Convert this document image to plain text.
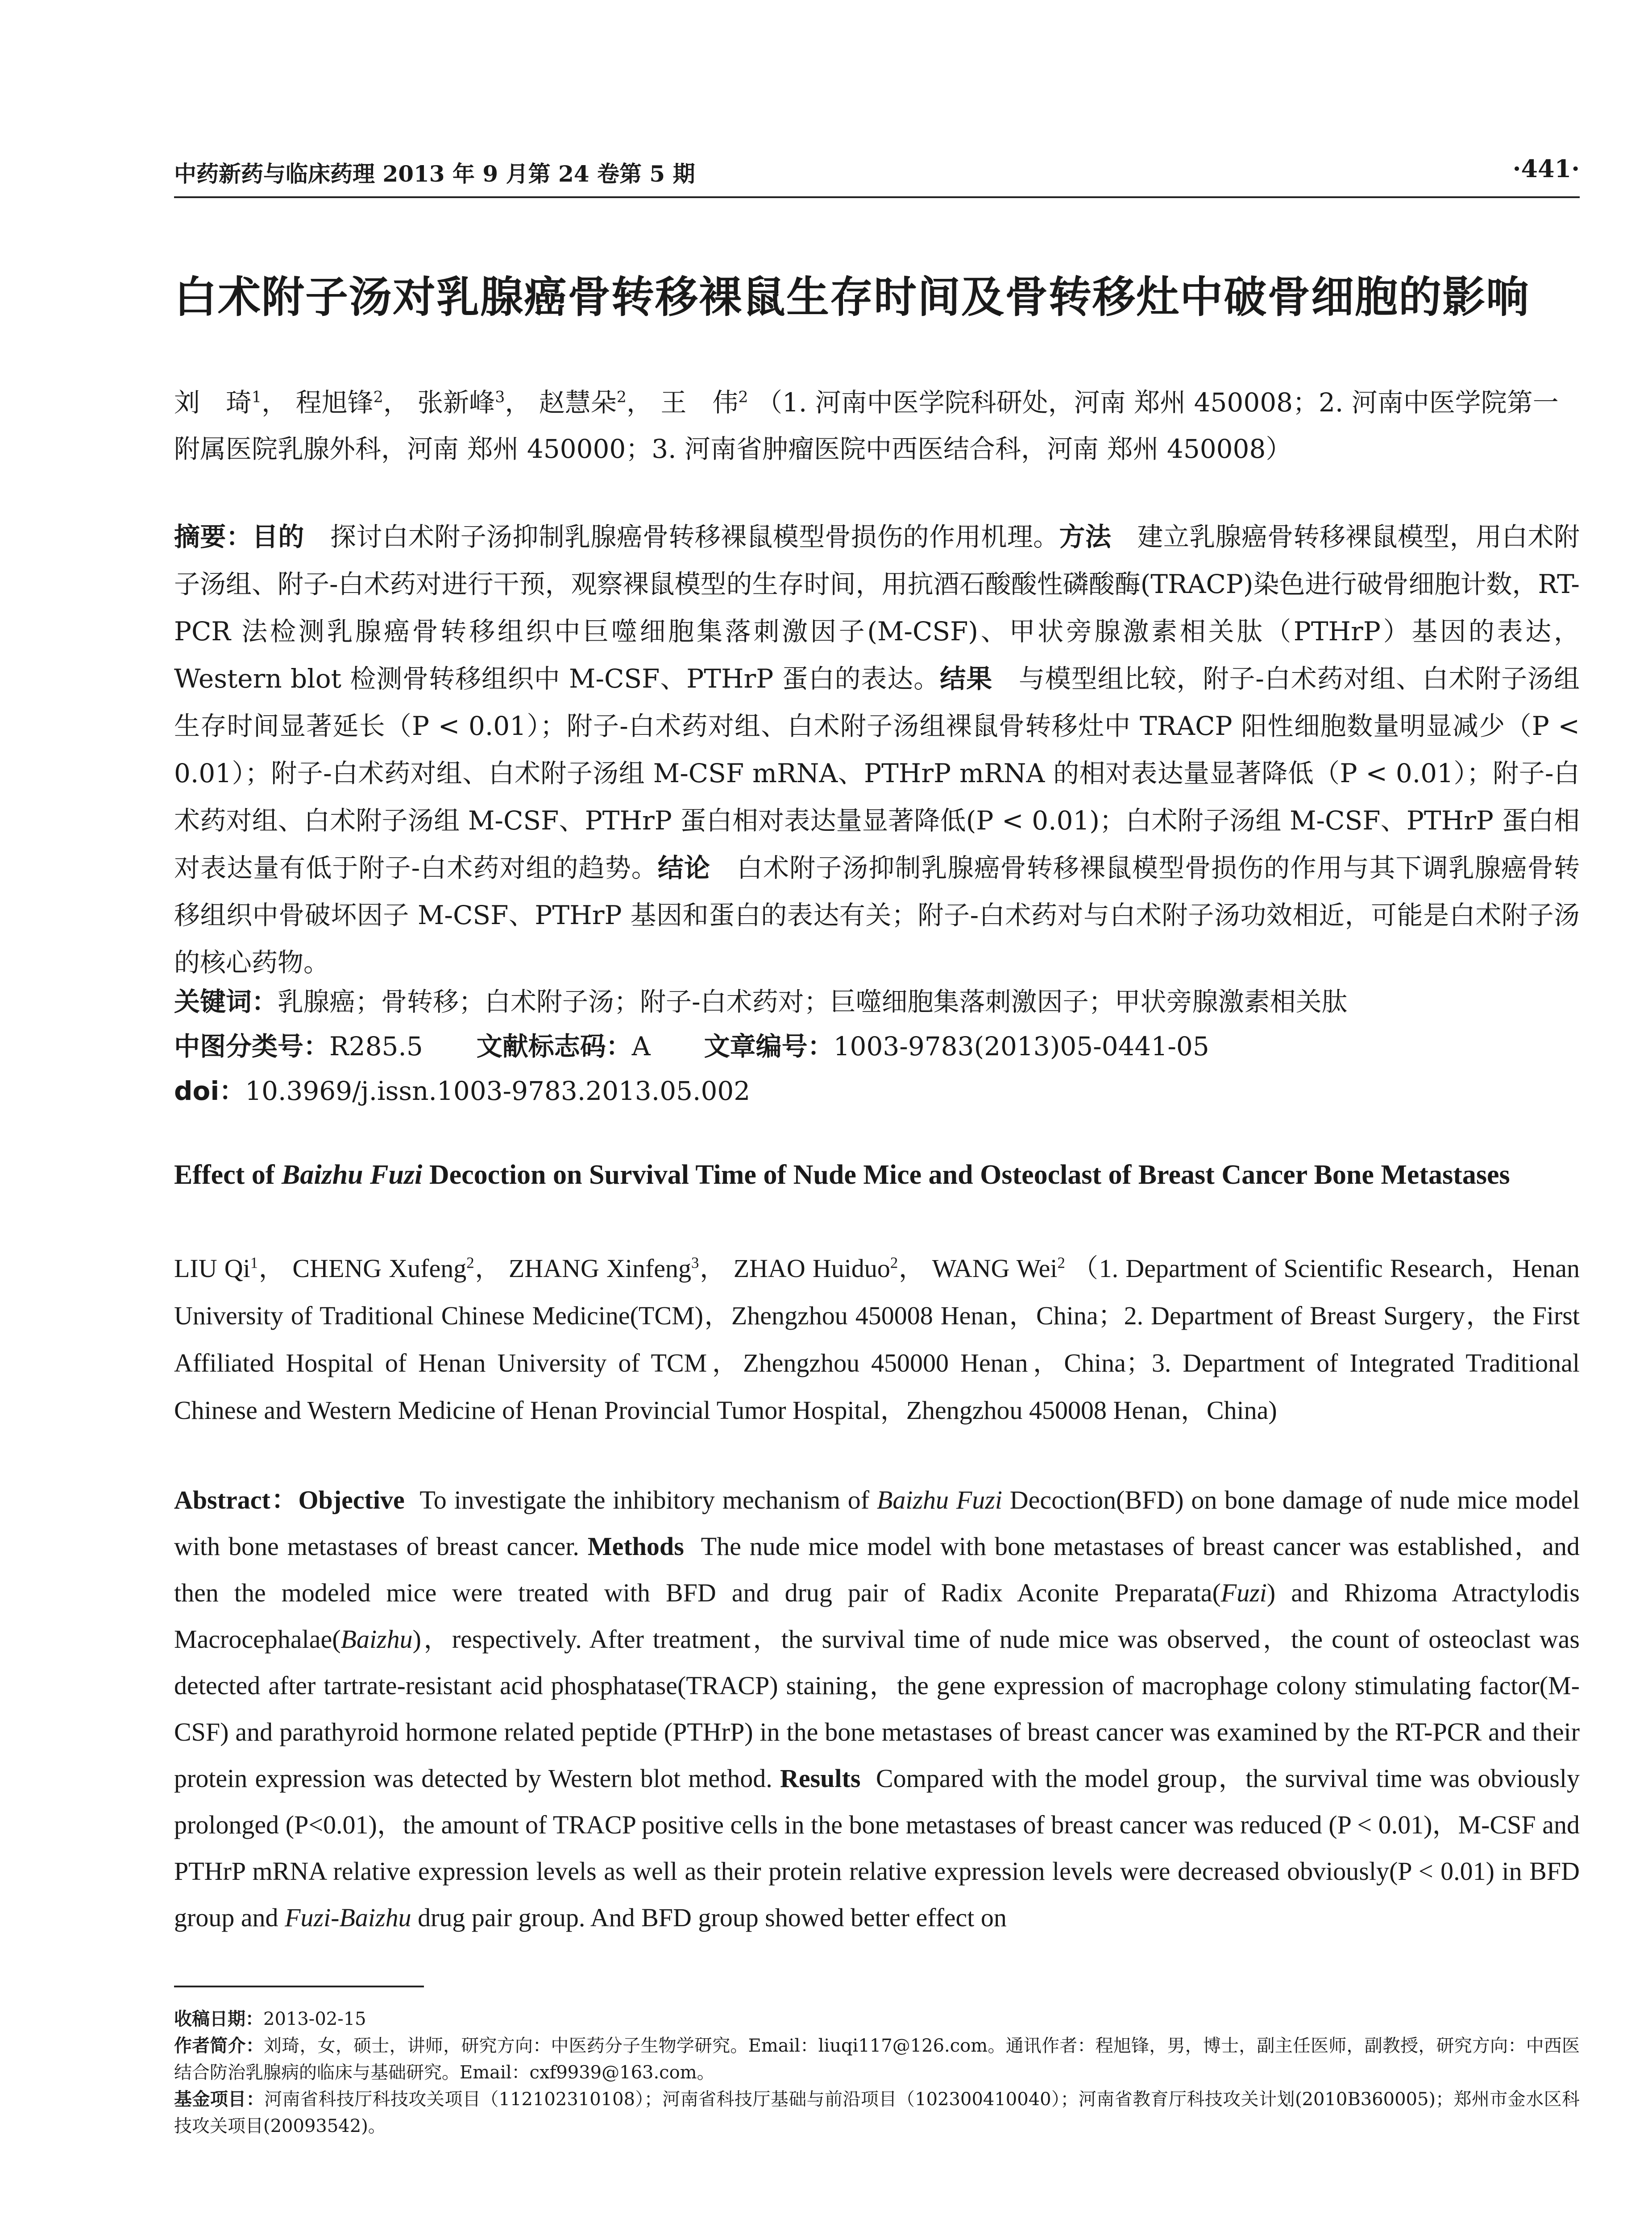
中药新药与临床药理 2013 年 9 月第 24 卷第 5 期	·441·
白术附子汤对乳腺癌骨转移裸鼠生存时间及骨转移灶中破骨细胞的影响
刘　琦$^1$， 程旭锋$^2$， 张新峰$^3$， 赵慧朵$^2$， 王　伟$^2$ （1. 河南中医学院科研处，河南 郑州 450008；2. 河南中医学院第一附属医院乳腺外科，河南 郑州 450000；3. 河南省肿瘤医院中西医结合科，河南 郑州 450008）
摘要：目的　 探讨白术附子汤抑制乳腺癌骨转移裸鼠模型骨损伤的作用机理。方法　 建立乳腺癌骨转移裸鼠模型，用白术附子汤组、附子-白术药对进行干预，观察裸鼠模型的生存时间，用抗酒石酸酸性磷酸酶(TRACP)染色进行破骨细胞计数，RT-PCR 法检测乳腺癌骨转移组织中巨噬细胞集落刺激因子(M-CSF)、甲状旁腺激素相关肽（PTHrP）基因的表达，Western blot 检测骨转移组织中 M-CSF、PTHrP 蛋白的表达。结果　 与模型组比较，附子-白术药对组、白术附子汤组生存时间显著延长（P < 0.01）；附子-白术药对组、白术附子汤组裸鼠骨转移灶中 TRACP 阳性细胞数量明显减少（P < 0.01）；附子-白术药对组、白术附子汤组 M-CSF mRNA、PTHrP mRNA 的相对表达量显著降低（P < 0.01）；附子-白术药对组、白术附子汤组 M-CSF、PTHrP 蛋白相对表达量显著降低(P < 0.01)；白术附子汤组 M-CSF、PTHrP 蛋白相对表达量有低于附子-白术药对组的趋势。结论　 白术附子汤抑制乳腺癌骨转移裸鼠模型骨损伤的作用与其下调乳腺癌骨转移组织中骨破坏因子 M-CSF、PTHrP 基因和蛋白的表达有关；附子-白术药对与白术附子汤功效相近，可能是白术附子汤的核心药物。
关键词：乳腺癌；骨转移；白术附子汤；附子-白术药对；巨噬细胞集落刺激因子；甲状旁腺激素相关肽
中图分类号：R285.5 文献标志码：A 文章编号：1003-9783(2013)05-0441-05
doi：10.3969/j.issn.1003-9783.2013.05.002
Effect of Baizhu Fuzi Decoction on Survival Time of Nude Mice and Osteoclast of Breast Cancer Bone Metastases
LIU Qi$^1$， CHENG Xufeng$^2$， ZHANG Xinfeng$^3$， ZHAO Huiduo$^2$， WANG Wei$^2$ （1. Department of Scientific Research，Henan University of Traditional Chinese Medicine(TCM)，Zhengzhou 450008 Henan，China；2. Department of Breast Surgery，the First Affiliated Hospital of Henan University of TCM，Zhengzhou 450000 Henan，China；3. Department of Integrated Traditional Chinese and Western Medicine of Henan Provincial Tumor Hospital，Zhengzhou 450008 Henan，China)
Abstract：Objective To investigate the inhibitory mechanism of Baizhu Fuzi Decoction(BFD) on bone damage of nude mice model with bone metastases of breast cancer. Methods The nude mice model with bone metastases of breast cancer was established，and then the modeled mice were treated with BFD and drug pair of Radix Aconite Preparata(Fuzi) and Rhizoma Atractylodis Macrocephalae(Baizhu)，respectively. After treatment，the survival time of nude mice was observed，the count of osteoclast was detected after tartrate-resistant acid phosphatase(TRACP) staining，the gene expression of macrophage colony stimulating factor(M-CSF) and parathyroid hormone related peptide (PTHrP) in the bone metastases of breast cancer was examined by the RT-PCR and their protein expression was detected by Western blot method. Results Compared with the model group，the survival time was obviously prolonged (P<0.01)，the amount of TRACP positive cells in the bone metastases of breast cancer was reduced (P < 0.01)，M-CSF and PTHrP mRNA relative expression levels as well as their protein relative expression levels were decreased obviously(P < 0.01) in BFD group and Fuzi-Baizhu drug pair group. And BFD group showed better effect on

收稿日期：2013-02-15

作者简介：刘琦，女，硕士，讲师，研究方向：中医药分子生物学研究。Email：liuqi117@126.com。通讯作者：程旭锋，男，博士，副主任医师，副教授，研究方向：中西医结合防治乳腺病的临床与基础研究。Email：cxf9939@163.com。

基金项目：河南省科技厅科技攻关项目（112102310108）；河南省科技厅基础与前沿项目（102300410040）；河南省教育厅科技攻关计划(2010B360005)；郑州市金水区科技攻关项目(20093542)。
